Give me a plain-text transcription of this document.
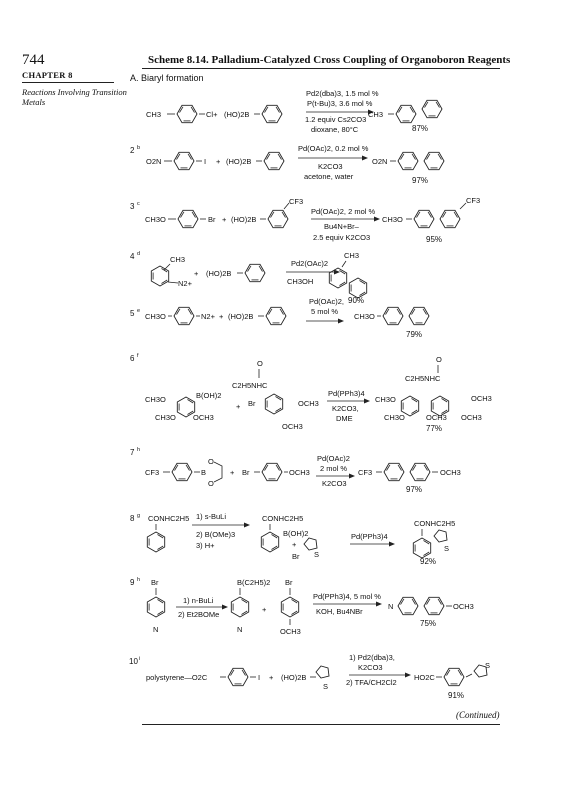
744	Scheme 8.14. Palladium-Catalyzed Cross Coupling of Organoboron Reagents
CHAPTER 8
Reactions Involving Transition Metals
A. Biaryl formation
CH3	Cl+ (HO)2B
Pd2(dba)3, 1.5 mol %
P(t-Bu)3, 3.6 mol %
1.2 equiv Cs2CO3
dioxane, 80°C
CH3
87%
2 b
O2N	I + (HO)2B
Pd(OAc)2, 0.2 mol %
K2CO3
acetone, water
O2N
97%
3 c
CH3O	Br + (HO)2B
CF3
Pd(OAc)2, 2 mol %
Bu4N+Br–
2.5 equiv K2CO3
CH3O
CF3
95%
4 d
CH3
N2+
+ (HO)2B
Pd2(OAc)2
CH3OH
CH3
90%
5 e
CH3O	N2+ + (HO)2B
Pd(OAc)2,
5 mol %
CH3O
79%
6 f
CH3O	B(OH)2
CH3O OCH3
O
C2H5NHC
+ Br	OCH3
OCH3
Pd(PPh3)4
K2CO3,
DME
O
C2H5NHC
CH3O	OCH3
CH3O	OCH3 OCH3
77%
7 h
CF3
O
B
O
+ Br	OCH3
Pd(OAc)2
2 mol %
K2CO3
CF3	OCH3
97%
8 g CONHC2H5 1) s-BuLi
2) B(OMe)3
3) H+
CONHC2H5
B(OH)2
+
Br S
Pd(PPh3)4
CONHC2H5
S
92%
9 h Br
N
1) n-BuLi
2) Et2BOMe
B(C2H5)2
N
+
Br
OCH3
Pd(PPh3)4, 5 mol %
KOH, Bu4NBr
N	OCH3
75%
10 i
polystyrene—O2C	I + (HO)2B
S
1) Pd2(dba)3,
K2CO3
2) TFA/CH2Cl2
HO2C
S
91%
(Continued)
